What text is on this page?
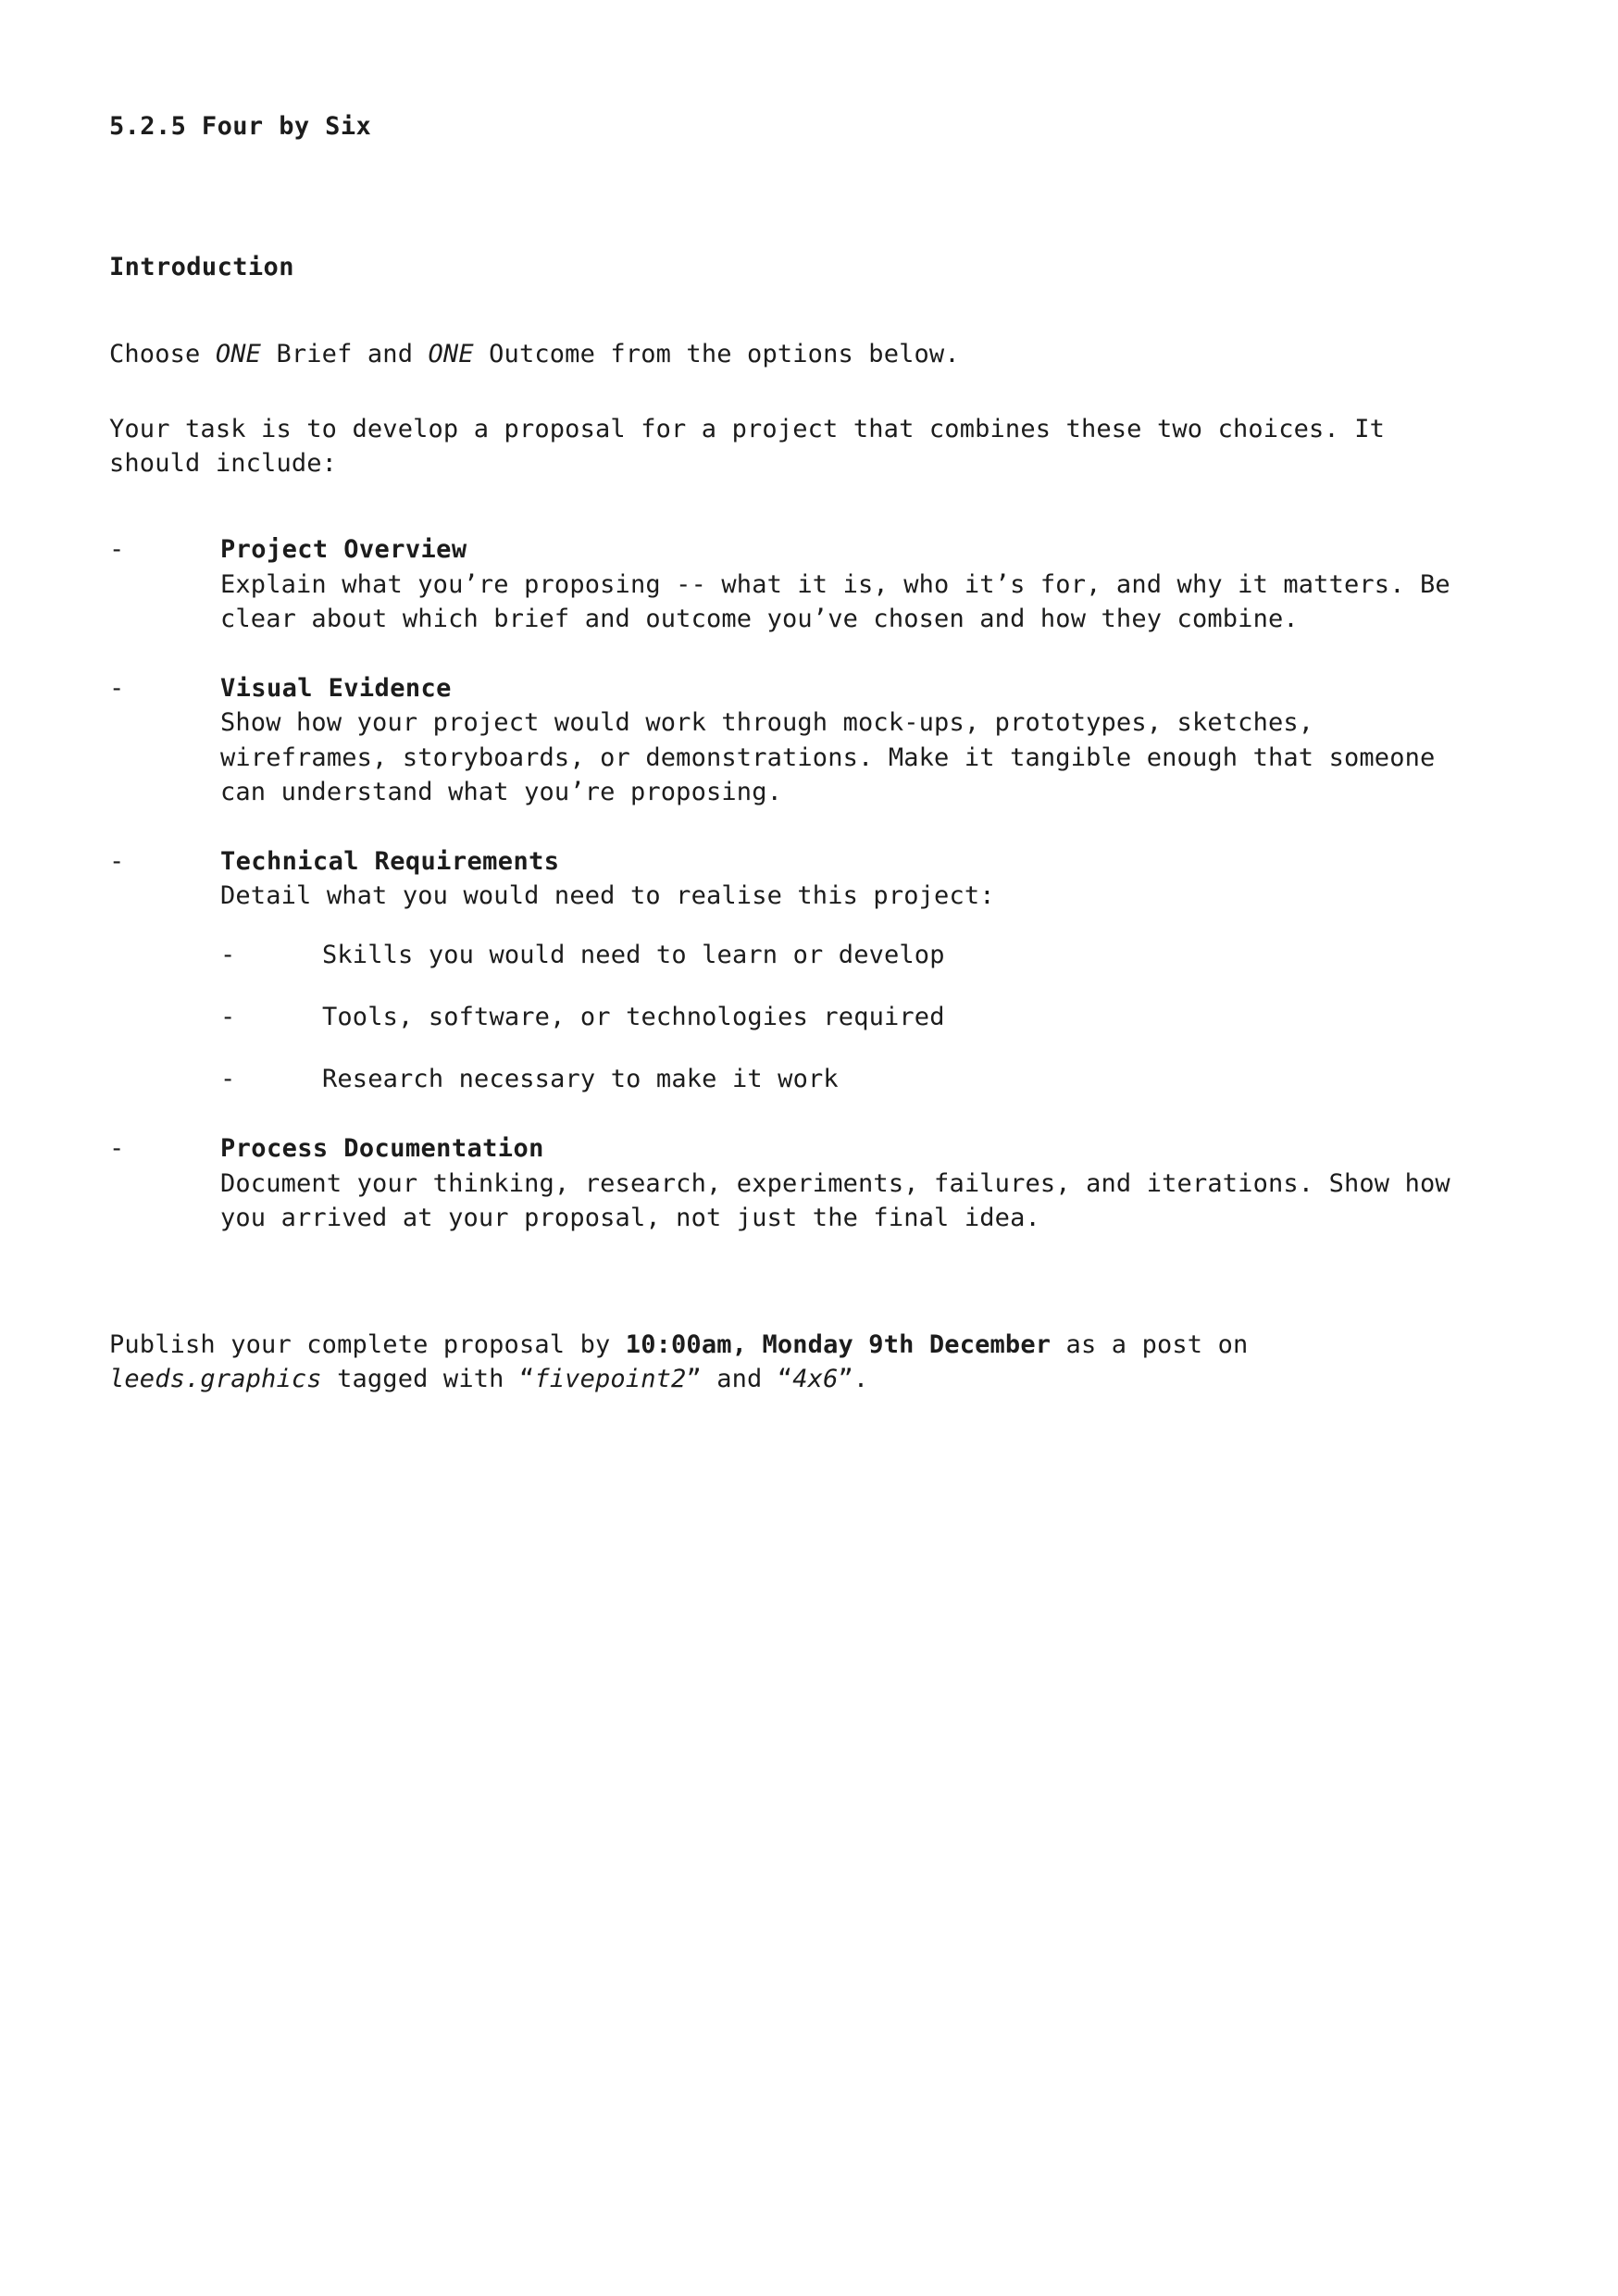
5.2.5 Four by Six
Introduction

Choose ONE Brief and ONE Outcome from the options below.

Your task is to develop a proposal for a project that combines these two choices. It should include:

-	Project Overview
Explain what you’re proposing -- what it is, who it’s for, and why it matters. Be clear about which brief and outcome you’ve chosen and how they combine.
-	Visual Evidence
Show how your project would work through mock-ups, prototypes, sketches, wireframes, storyboards, or demonstrations. Make it tangible enough that someone can understand what you’re proposing.
-	Technical Requirements
Detail what you would need to realise this project:
-	Skills you would need to learn or develop
-	Tools, software, or technologies required
-	Research necessary to make it work
-	Process Documentation
Document your thinking, research, experiments, failures, and iterations. Show how you arrived at your proposal, not just the final idea.

Publish your complete proposal by 10:00am, Monday 9th December as a post on leeds.graphics tagged with “fivepoint2” and “4x6”.
